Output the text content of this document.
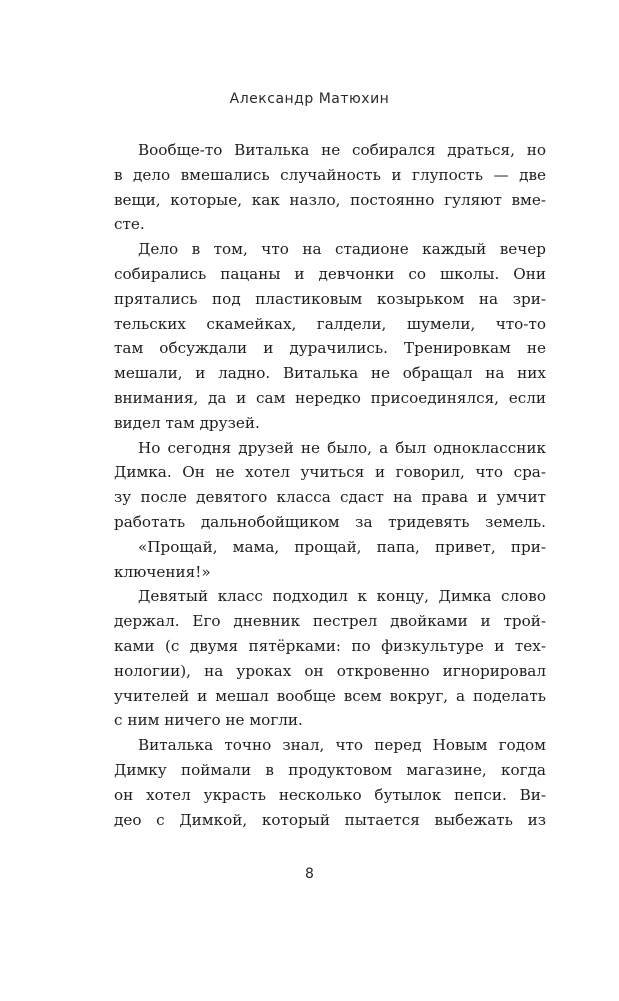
Александр Матюхин
Вообще-то Виталька не собирался драться, но
в дело вмешались случайность и глупость — две
вещи, которые, как назло, постоянно гуляют вме-
сте.
Дело в том, что на стадионе каждый вечер
собирались пацаны и девчонки со школы. Они
прятались под пластиковым козырьком на зри-
тельских скамейках, галдели, шумели, что-то
там обсуждали и дурачились. Тренировкам не
мешали, и ладно. Виталька не обращал на них
внимания, да и сам нередко присоединялся, если
видел там друзей.
Но сегодня друзей не было, а был одноклассник
Димка. Он не хотел учиться и говорил, что сра-
зу после девятого класса сдаст на права и умчит
работать дальнобойщиком за тридевять земель.
«Прощай, мама, прощай, папа, привет, при-
ключения!»
Девятый класс подходил к концу, Димка слово
держал. Его дневник пестрел двойками и трой-
ками (с двумя пятёрками: по физкультуре и тех-
нологии), на уроках он откровенно игнорировал
учителей и мешал вообще всем вокруг, а поделать
с ним ничего не могли.
Виталька точно знал, что перед Новым годом
Димку поймали в продуктовом магазине, когда
он хотел украсть несколько бутылок пепси. Ви-
део с Димкой, который пытается выбежать из
8
